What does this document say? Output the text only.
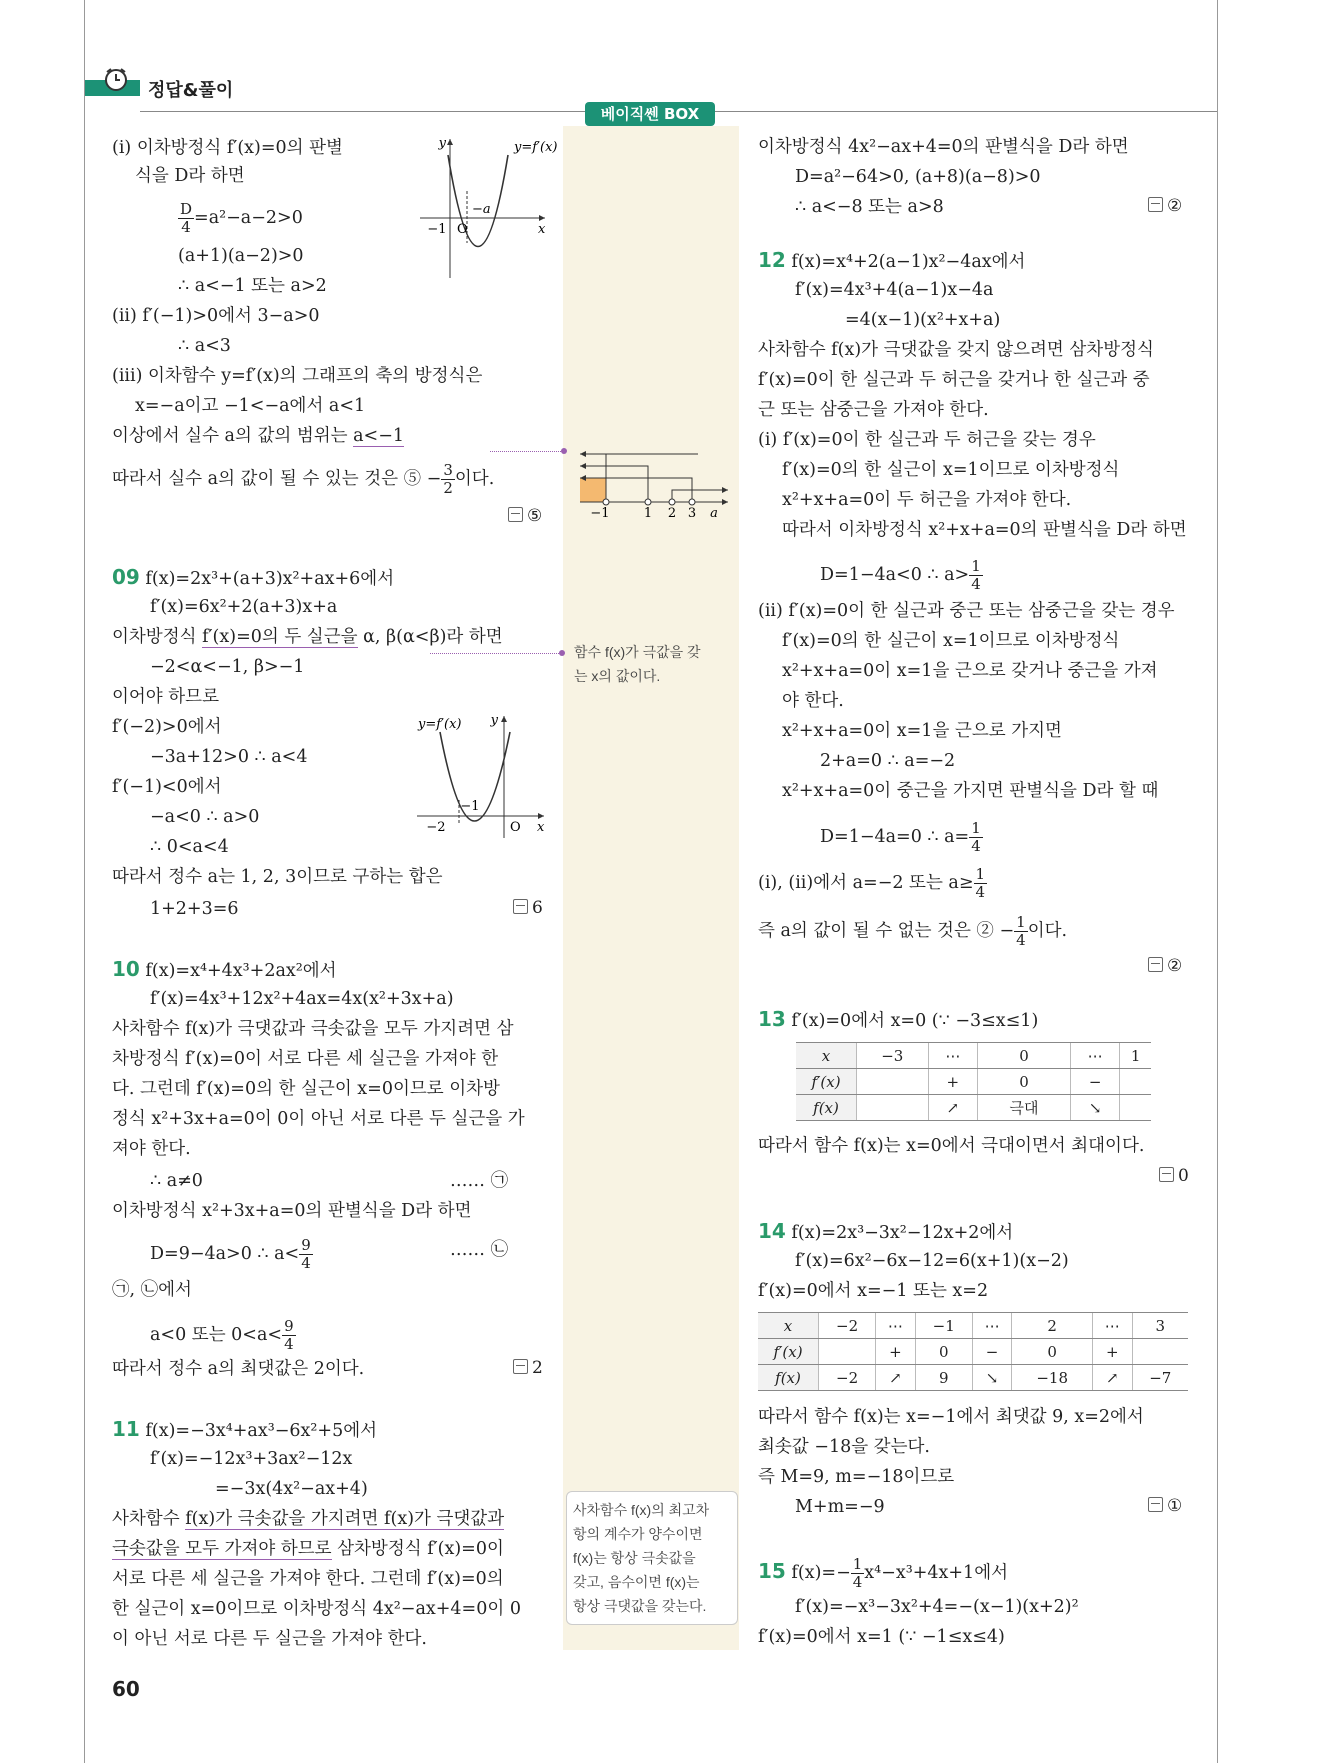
정답&풀이
베이직쎈 BOX
(i) 이차방정식 f′(x)=0의 판별
식을 D라 하면
$\frac{D}{4} =a^2-a-2>0$
(a+1)(a−2)>0
∴ a<−1 또는 a>2
(ii) f′(−1)>0에서 3−a>0
∴ a<3
(iii) 이차함수 y=f′(x)의 그래프의 축의 방정식은
x=−a이고 −1<−a에서 a<1
이상에서 실수 a의 값의 범위는 a<−1
따라서 실수 a의 값이 될 수 있는 것은 ⑤ − $\frac{3}{2}$ 이다.
⑤
y	y=f′(x)
x
−1 O
−a
09 f(x)=2x³+(a+3)x²+ax+6에서
f′(x)=6x²+2(a+3)x+a
이차방정식 f′(x)=0의 두 실근을 α, β(α<β)라 하면
−2<α<−1, β>−1
이어야 하므로
f′(−2)>0에서
−3a+12>0 ∴ a<4
f′(−1)<0에서
−a<0 ∴ a>0
∴ 0<a<4
따라서 정수 a는 1, 2, 3이므로 구하는 합은
1+2+3=6	6
y=f′(x) y
x
−2
−1
O
10 f(x)=x⁴+4x³+2ax²에서
f′(x)=4x³+12x²+4ax=4x(x²+3x+a)
사차함수 f(x)가 극댓값과 극솟값을 모두 가지려면 삼
차방정식 f′(x)=0이 서로 다른 세 실근을 가져야 한
다. 그런데 f′(x)=0의 한 실근이 x=0이므로 이차방
정식 x²+3x+a=0이 0이 아닌 서로 다른 두 실근을 가
져야 한다.
∴ a≠0	…… ㉠
이차방정식 x²+3x+a=0의 판별식을 D라 하면
D=9−4a>0 ∴ $a< \frac{9}{4}$	…… ㉡
㉠, ㉡에서
a<0 또는 $0<a< \frac{9}{4}$
따라서 정수 a의 최댓값은 2이다.	2
11 f(x)=−3x⁴+ax³−6x²+5에서
f′(x)=−12x³+3ax²−12x
=−3x(4x²−ax+4)
사차함수 f(x)가 극솟값을 가지려면 f(x)가 극댓값과
극솟값을 모두 가져야 하므로 삼차방정식 f′(x)=0이
서로 다른 세 실근을 가져야 한다. 그런데 f′(x)=0의
한 실근이 x=0이므로 이차방정식 4x²−ax+4=0이 0
이 아닌 서로 다른 두 실근을 가져야 한다.
60
−1	1 2 3 a
함수 f(x)가 극값을 갖
는 x의 값이다.
사차함수 f(x)의 최고차
항의 계수가 양수이면
f(x)는 항상 극솟값을
갖고, 음수이면 f(x)는
항상 극댓값을 갖는다.
이차방정식 4x²−ax+4=0의 판별식을 D라 하면
D=a²−64>0, (a+8)(a−8)>0
∴ a<−8 또는 a>8	②
12 f(x)=x⁴+2(a−1)x²−4ax에서
f′(x)=4x³+4(a−1)x−4a
=4(x−1)(x²+x+a)
사차함수 f(x)가 극댓값을 갖지 않으려면 삼차방정식
f′(x)=0이 한 실근과 두 허근을 갖거나 한 실근과 중
근 또는 삼중근을 가져야 한다.
(i) f′(x)=0이 한 실근과 두 허근을 갖는 경우
f′(x)=0의 한 실근이 x=1이므로 이차방정식
x²+x+a=0이 두 허근을 가져야 한다.
따라서 이차방정식 x²+x+a=0의 판별식을 D라 하면
D=1−4a<0 ∴ $a> \frac{1}{4}$
(ii) f′(x)=0이 한 실근과 중근 또는 삼중근을 갖는 경우
f′(x)=0의 한 실근이 x=1이므로 이차방정식
x²+x+a=0이 x=1을 근으로 갖거나 중근을 가져
야 한다.
x²+x+a=0이 x=1을 근으로 가지면
2+a=0 ∴ a=−2
x²+x+a=0이 중근을 가지면 판별식을 D라 할 때
D=1−4a=0 ∴ $a= \frac{1}{4}$
(i), (ii)에서 a=−2 또는 $a\ge \frac{1}{4}$
즉 a의 값이 될 수 없는 것은 ② − $\frac{1}{4}$ 이다.
②
13 f′(x)=0에서 x=0 (∵ −3≤x≤1)
x	−3	⋯	0	⋯	1
f′(x)		+	0	−	
f(x)		↗	극대	↘	
따라서 함수 f(x)는 x=0에서 극대이면서 최대이다.
0
14 f(x)=2x³−3x²−12x+2에서
f′(x)=6x²−6x−12=6(x+1)(x−2)
f′(x)=0에서 x=−1 또는 x=2
x	−2	⋯	−1	⋯	2	⋯	3
f′(x)		+	0	−	0	+	
f(x)	−2	↗	9	↘	−18	↗	−7
따라서 함수 f(x)는 x=−1에서 최댓값 9, x=2에서
최솟값 −18을 갖는다.
즉 M=9, m=−18이므로
M+m=−9	①
15 $f(x)=- \frac{1}{4} x^4-x^3+4x+1$에서
f′(x)=−x³−3x²+4=−(x−1)(x+2)²
f′(x)=0에서 x=1 (∵ −1≤x≤4)
